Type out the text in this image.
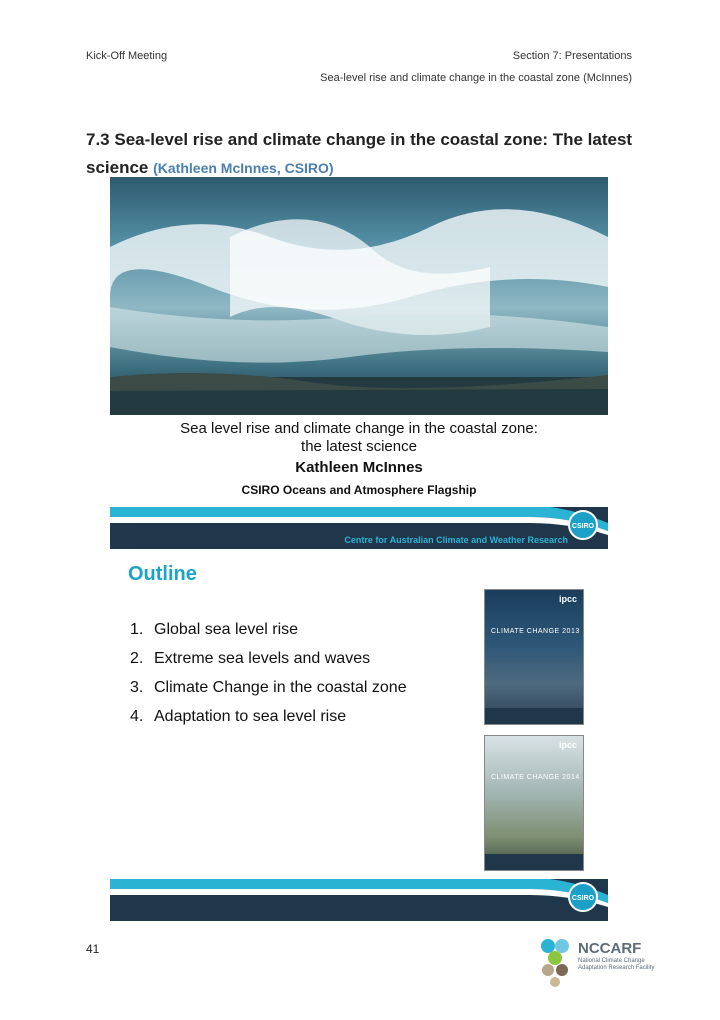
Kick-Off Meeting	Section 7: Presentations
Sea-level rise and climate change in the coastal zone (McInnes)
7.3 Sea-level rise and climate change in the coastal zone: The latest science (Kathleen McInnes, CSIRO)
Sea level rise and climate change in the coastal zone:
the latest science
Kathleen McInnes
CSIRO Oceans and Atmosphere Flagship
Centre for Australian Climate and Weather Research
CSIRO
Outline
1. Global sea level rise
2. Extreme sea levels and waves
3. Climate Change in the coastal zone
4. Adaptation to sea level rise
ipcc
CLIMATE CHANGE 2013
ipcc
CLIMATE CHANGE 2014
CSIRO
41	NCCARF
National Climate Change Adaptation Research Facility
